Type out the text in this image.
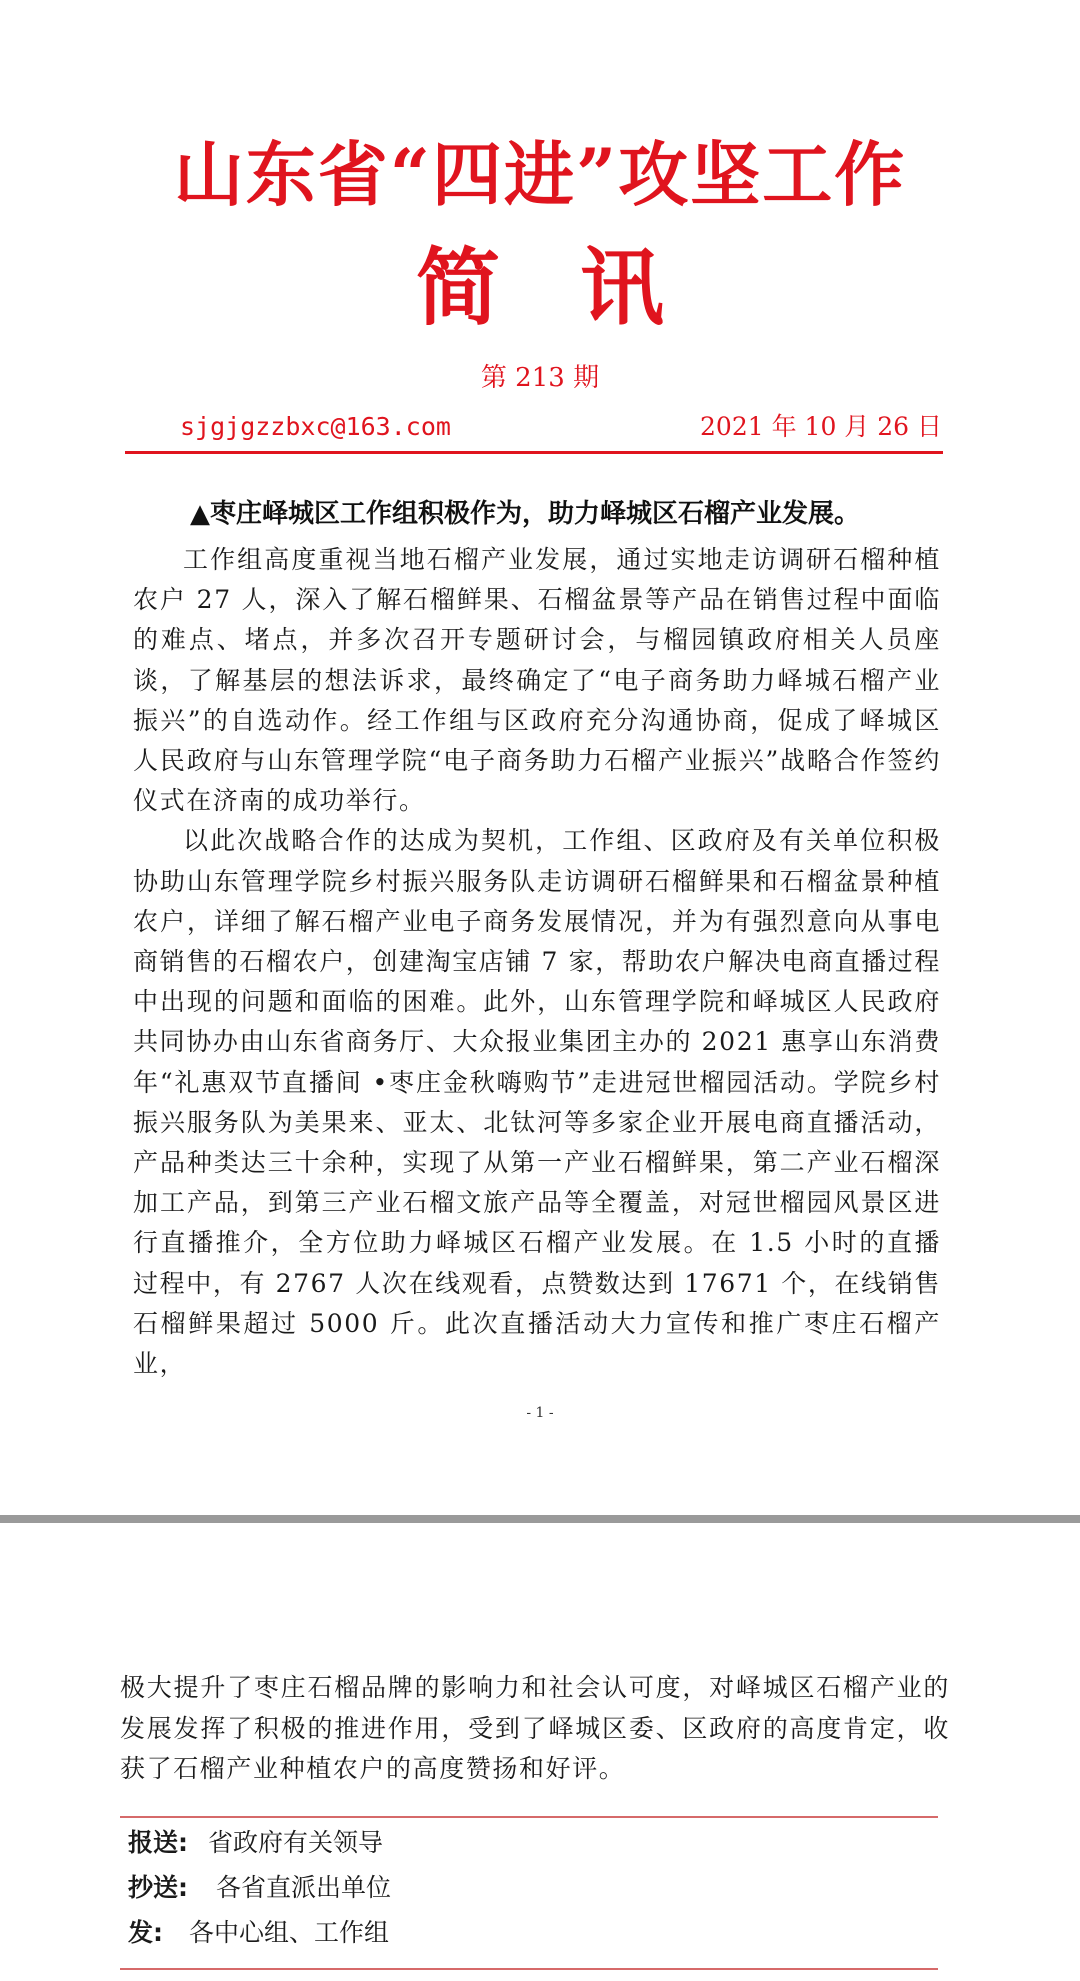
山东省“四进”攻坚工作
简 讯
第 213 期
sjgjgzzbxc@163.com	2021 年 10 月 26 日
▲枣庄峄城区工作组积极作为，助力峄城区石榴产业发展。

工作组高度重视当地石榴产业发展，通过实地走访调研石榴种植农户 27 人，深入了解石榴鲜果、石榴盆景等产品在销售过程中面临的难点、堵点，并多次召开专题研讨会，与榴园镇政府相关人员座谈，了解基层的想法诉求，最终确定了“电子商务助力峄城石榴产业振兴”的自选动作。经工作组与区政府充分沟通协商，促成了峄城区人民政府与山东管理学院“电子商务助力石榴产业振兴”战略合作签约仪式在济南的成功举行。

以此次战略合作的达成为契机，工作组、区政府及有关单位积极协助山东管理学院乡村振兴服务队走访调研石榴鲜果和石榴盆景种植农户，详细了解石榴产业电子商务发展情况，并为有强烈意向从事电商销售的石榴农户，创建淘宝店铺 7 家，帮助农户解决电商直播过程中出现的问题和面临的困难。此外，山东管理学院和峄城区人民政府共同协办由山东省商务厅、大众报业集团主办的 2021 惠享山东消费年“礼惠双节直播间 •枣庄金秋嗨购节”走进冠世榴园活动。学院乡村振兴服务队为美果来、亚太、北钛河等多家企业开展电商直播活动，产品种类达三十余种，实现了从第一产业石榴鲜果，第二产业石榴深加工产品，到第三产业石榴文旅产品等全覆盖，对冠世榴园风景区进行直播推介，全方位助力峄城区石榴产业发展。在 1.5 小时的直播过程中，有 2767 人次在线观看，点赞数达到 17671 个，在线销售石榴鲜果超过 5000 斤。此次直播活动大力宣传和推广枣庄石榴产业，

- 1 -

极大提升了枣庄石榴品牌的影响力和社会认可度，对峄城区石榴产业的发展发挥了积极的推进作用，受到了峄城区委、区政府的高度肯定，收获了石榴产业种植农户的高度赞扬和好评。

报送: 省政府有关领导
抄送: 各省直派出单位
发: 各中心组、工作组
